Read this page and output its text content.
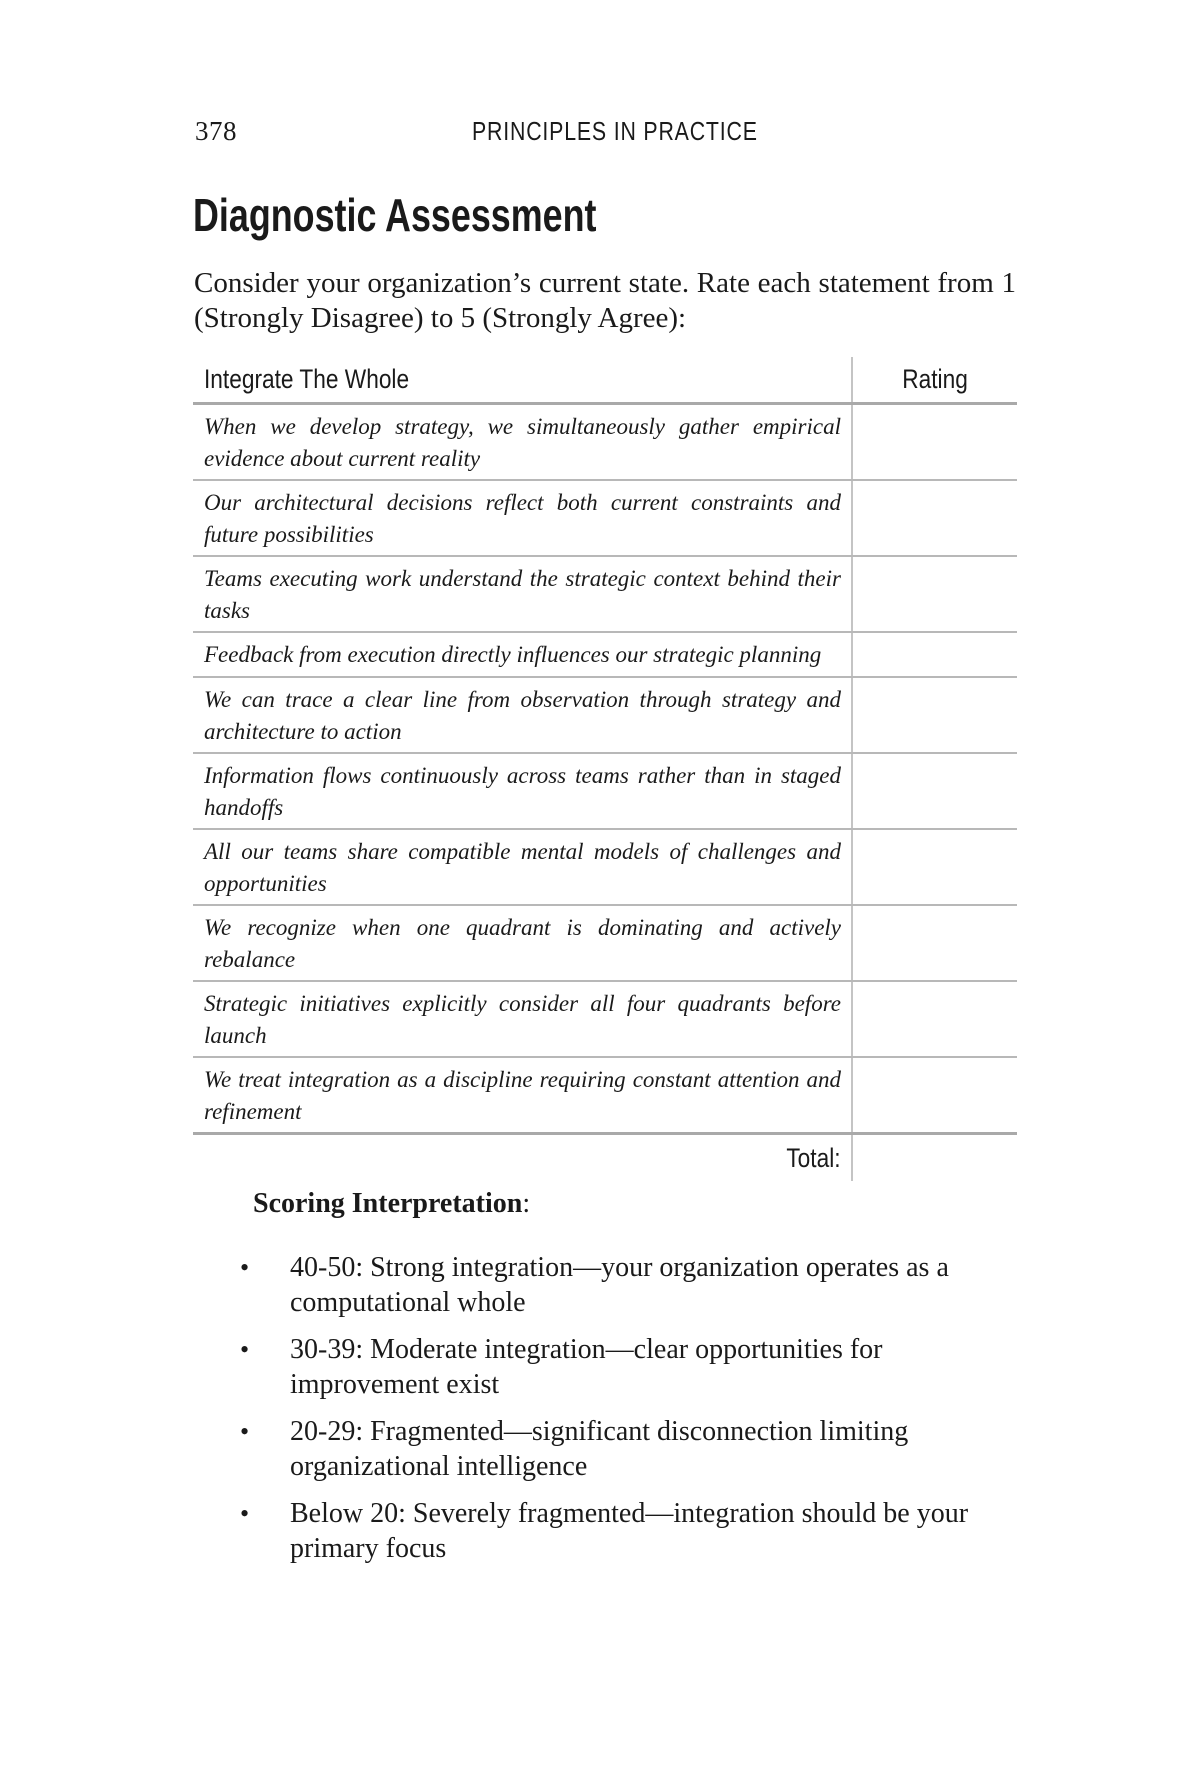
378	PRINCIPLES IN PRACTICE
Diagnostic Assessment

Consider your organization’s current state. Rate each statement from 1 (Strongly Disagree) to 5 (Strongly Agree):

Integrate The Whole	Rating
When we develop strategy, we simultaneously gather empirical evidence about current reality	
Our architectural decisions reflect both current constraints and future possibilities	
Teams executing work understand the strategic context behind their tasks	
Feedback from execution directly influences our strategic planning	
We can trace a clear line from observation through strategy and architecture to action	
Information flows continuously across teams rather than in staged handoffs	
All our teams share compatible mental models of challenges and opportunities	
We recognize when one quadrant is dominating and actively rebalance	
Strategic initiatives explicitly consider all four quadrants before launch	
We treat integration as a discipline requiring constant attention and refinement	
Total:	
Scoring Interpretation:
• 40-50: Strong integration—your organization operates as a computational whole
• 30-39: Moderate integration—clear opportunities for improvement exist
• 20-29: Fragmented—significant disconnection limiting organizational intelligence
• Below 20: Severely fragmented—integration should be your primary focus
